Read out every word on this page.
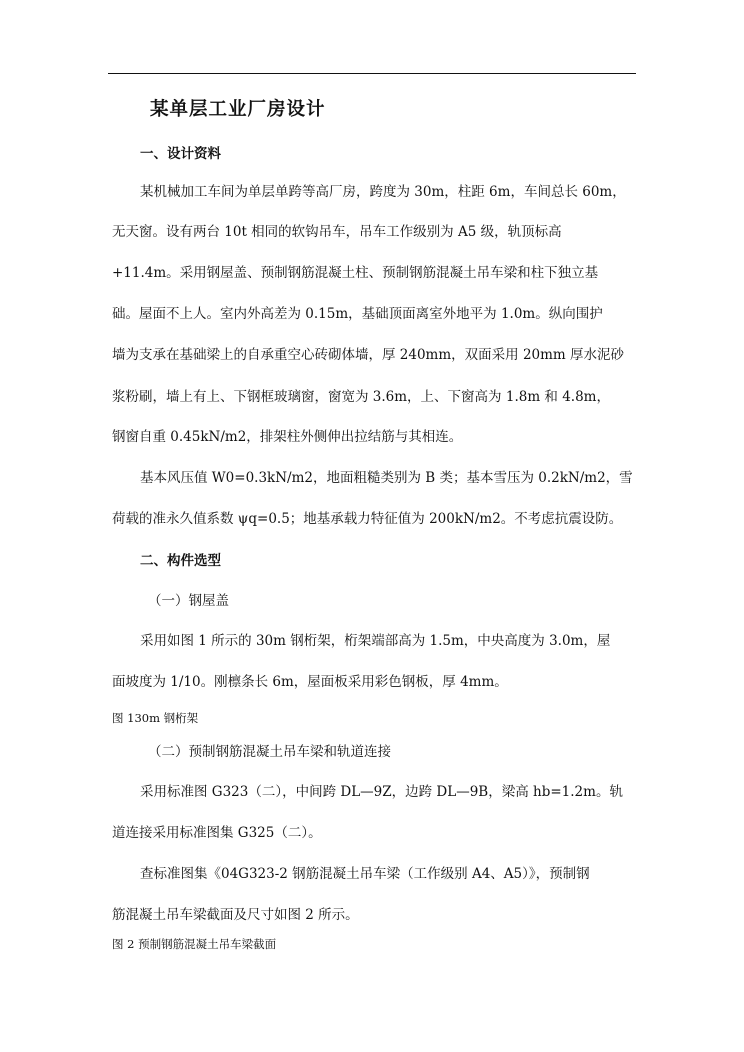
某单层工业厂房设计
一、设计资料
某机械加工车间为单层单跨等高厂房，跨度为 30m，柱距 6m，车间总长 60m，
无天窗。设有两台 10t 相同的软钩吊车，吊车工作级别为 A5 级，轨顶标高
+11.4m。采用钢屋盖、预制钢筋混凝土柱、预制钢筋混凝土吊车梁和柱下独立基
础。屋面不上人。室内外高差为 0.15m，基础顶面离室外地平为 1.0m。纵向围护
墙为支承在基础梁上的自承重空心砖砌体墙，厚 240mm，双面采用 20mm 厚水泥砂
浆粉刷，墙上有上、下钢框玻璃窗，窗宽为 3.6m，上、下窗高为 1.8m 和 4.8m，
钢窗自重 0.45kN/m2，排架柱外侧伸出拉结筋与其相连。
基本风压值 W0=0.3kN/m2，地面粗糙类别为 B 类；基本雪压为 0.2kN/m2，雪
荷载的准永久值系数 ψq=0.5；地基承载力特征值为 200kN/m2。不考虑抗震设防。
二、构件选型
（一）钢屋盖
采用如图 1 所示的 30m 钢桁架，桁架端部高为 1.5m，中央高度为 3.0m，屋
面坡度为 1/10。刚檩条长 6m，屋面板采用彩色钢板，厚 4mm。
图 130m 钢桁架
（二）预制钢筋混凝土吊车梁和轨道连接
采用标准图 G323（二），中间跨 DL—9Z，边跨 DL—9B，梁高 hb=1.2m。轨
道连接采用标准图集 G325（二）。
查标准图集《04G323-2 钢筋混凝土吊车梁（工作级别 A4、A5）》，预制钢
筋混凝土吊车梁截面及尺寸如图 2 所示。
图 2 预制钢筋混凝土吊车梁截面
